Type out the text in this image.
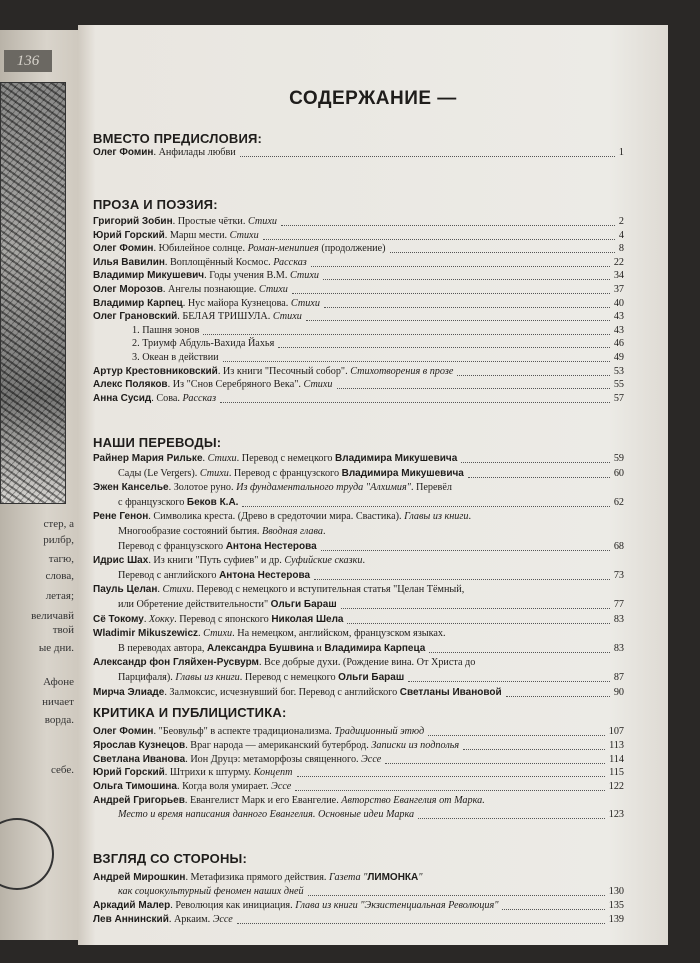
136
стер, а
рилбр,
тагю,
слова,
летая;
величавй
твой
ые дни.
Афоне
ничает
ворда.
себе.
СОДЕРЖАНИЕ —
ВМЕСТО ПРЕДИСЛОВИЯ:
Олег Фомин. Анфилады любви	1
ПРОЗА И ПОЭЗИЯ:
Григорий Зобин. Простые чётки. Стихи	2
Юрий Горский. Марш мести. Стихи	4
Олег Фомин. Юбилейное солнце. Роман-менипиея (продолжение)	8
Илья Вавилин. Воплощённый Космос. Рассказ	22
Владимир Микушевич. Годы учения В.М. Стихи	34
Олег Морозов. Ангелы познающие. Стихи	37
Владимир Карпец. Нус майора Кузнецова. Стихи	40
Олег Грановский. БЕЛАЯ ТРИШУЛА. Стихи	43
1. Пашня эонов	43
2. Триумф Абдуль-Вахида Йахья	46
3. Океан в действии	49
Артур Крестовниковский. Из книги "Песочный собор". Стихотворения в прозе	53
Алекс Поляков. Из "Снов Серебряного Века". Стихи	55
Анна Сусид. Сова. Рассказ	57
НАШИ ПЕРЕВОДЫ:
Райнер Мария Рильке. Стихи. Перевод с немецкого Владимира Микушевича	59
Сады (Le Vergers). Стихи. Перевод с французского Владимира Микушевича	60
Эжен Канселье. Золотое руно. Из фундаментального труда "Алхимия". Перевёл
с французского Беков К.А.	62
Рене Генон. Символика креста. (Древо в средоточии мира. Свастика). Главы из книги.
Многообразие состояний бытия. Вводная глава.
Перевод с французского Антона Нестерова	68
Идрис Шах. Из книги "Путь суфиев" и др. Суфийские сказки.
Перевод с английского Антона Нестерова	73
Пауль Целан. Стихи. Перевод с немецкого и вступительная статья "Целан Тёмный,
или Обретение действительности" Ольги Бараш	77
Сё Токому. Хокку. Перевод с японского Николая Шела	83
Wladimir Mikuszewicz. Стихи. На немецком, английском, французском языках.
В переводах автора, Александра Бушвина и Владимира Карпеца	83
Александр фон Гляйхен-Русвурм. Все добрые духи. (Рождение вина. От Христа до
Парцифаля). Главы из книги. Перевод с немецкого Ольги Бараш	87
Мирча Элиаде. Залмоксис, исчезнувший бог. Перевод с английского Светланы Ивановой	90
КРИТИКА И ПУБЛИЦИСТИКА:
Олег Фомин. "Беовульф" в аспекте традиционализма. Традиционный этюд	107
Ярослав Кузнецов. Враг народа — американский бутерброд. Записки из подполья	113
Светлана Иванова. Ион Друцэ: метаморфозы священного. Эссе	114
Юрий Горский. Штрихи к штурму. Концепт	115
Ольга Тимошина. Когда воля умирает. Эссе	122
Андрей Григорьев. Евангелист Марк и его Евангелие. Авторство Евангелия от Марка.
Место и время написания данного Евангелия. Основные идеи Марка	123
ВЗГЛЯД СО СТОРОНЫ:
Андрей Мирошкин. Метафизика прямого действия. Газета "ЛИМОНКА"
как социокультурный феномен наших дней	130
Аркадий Малер. Революция как инициация. Глава из книги "Экзистенциальная Революция"	135
Лев Аннинский. Аркаим. Эссе	139
